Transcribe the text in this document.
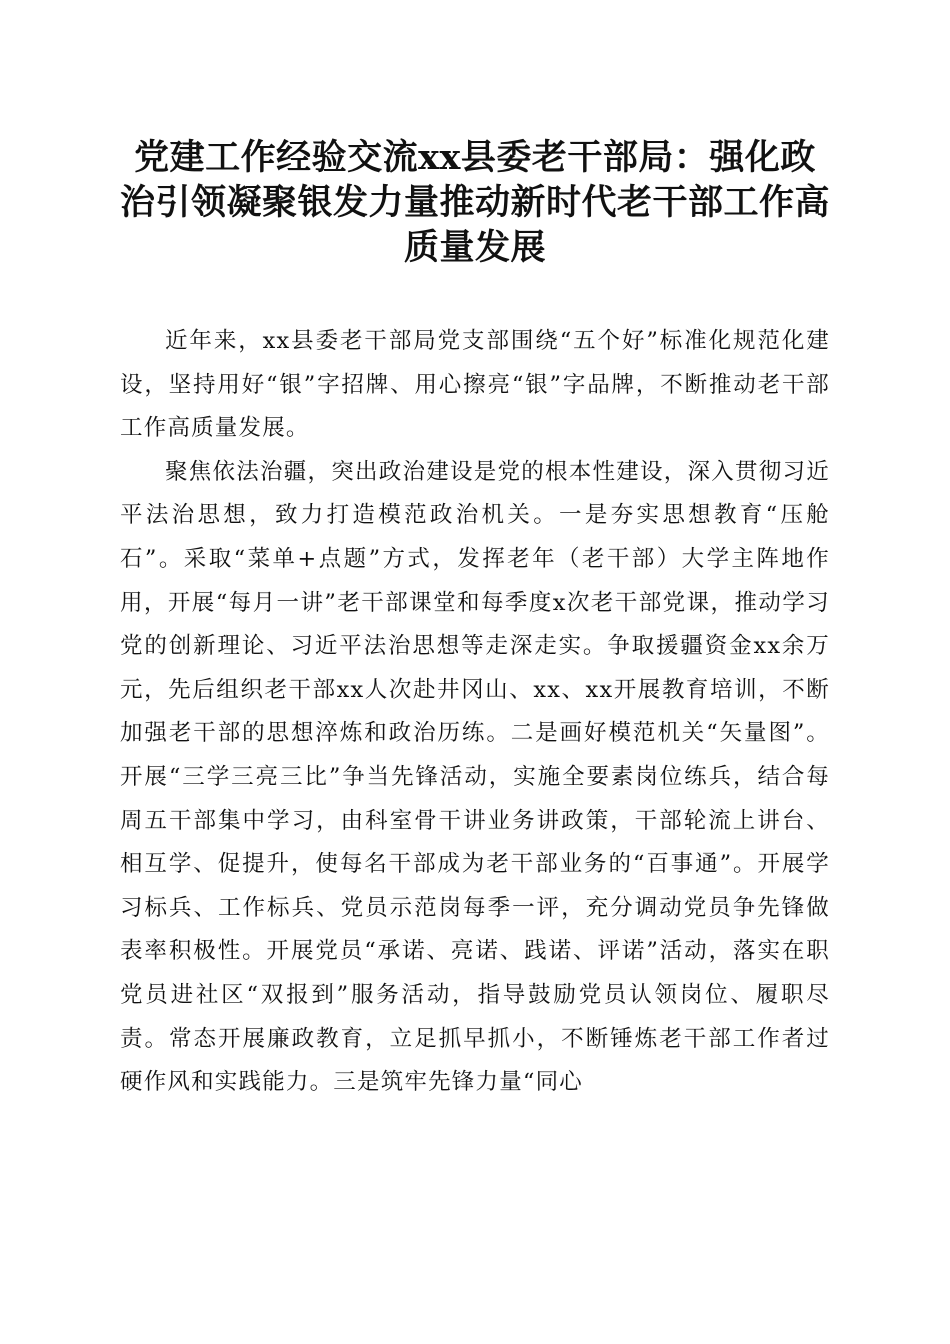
党建工作经验交流xx县委老干部局：强化政治引领凝聚银发力量推动新时代老干部工作高质量发展

近年来，xx县委老干部局党支部围绕“五个好”标准化规范化建设，坚持用好“银”字招牌、用心擦亮“银”字品牌，不断推动老干部工作高质量发展。

聚焦依法治疆，突出政治建设是党的根本性建设，深入贯彻习近平法治思想，致力打造模范政治机关。一是夯实思想教育“压舱石”。采取“菜单+点题”方式，发挥老年（老干部）大学主阵地作用，开展“每月一讲”老干部课堂和每季度x次老干部党课，推动学习党的创新理论、习近平法治思想等走深走实。争取援疆资金xx余万元，先后组织老干部xx人次赴井冈山、xx、xx开展教育培训，不断加强老干部的思想淬炼和政治历练。二是画好模范机关“矢量图”。开展“三学三亮三比”争当先锋活动，实施全要素岗位练兵，结合每周五干部集中学习，由科室骨干讲业务讲政策，干部轮流上讲台、相互学、促提升，使每名干部成为老干部业务的“百事通”。开展学习标兵、工作标兵、党员示范岗每季一评，充分调动党员争先锋做表率积极性。开展党员“承诺、亮诺、践诺、评诺”活动，落实在职党员进社区“双报到”服务活动，指导鼓励党员认领岗位、履职尽责。常态开展廉政教育，立足抓早抓小，不断锤炼老干部工作者过硬作风和实践能力。三是筑牢先锋力量“同心
